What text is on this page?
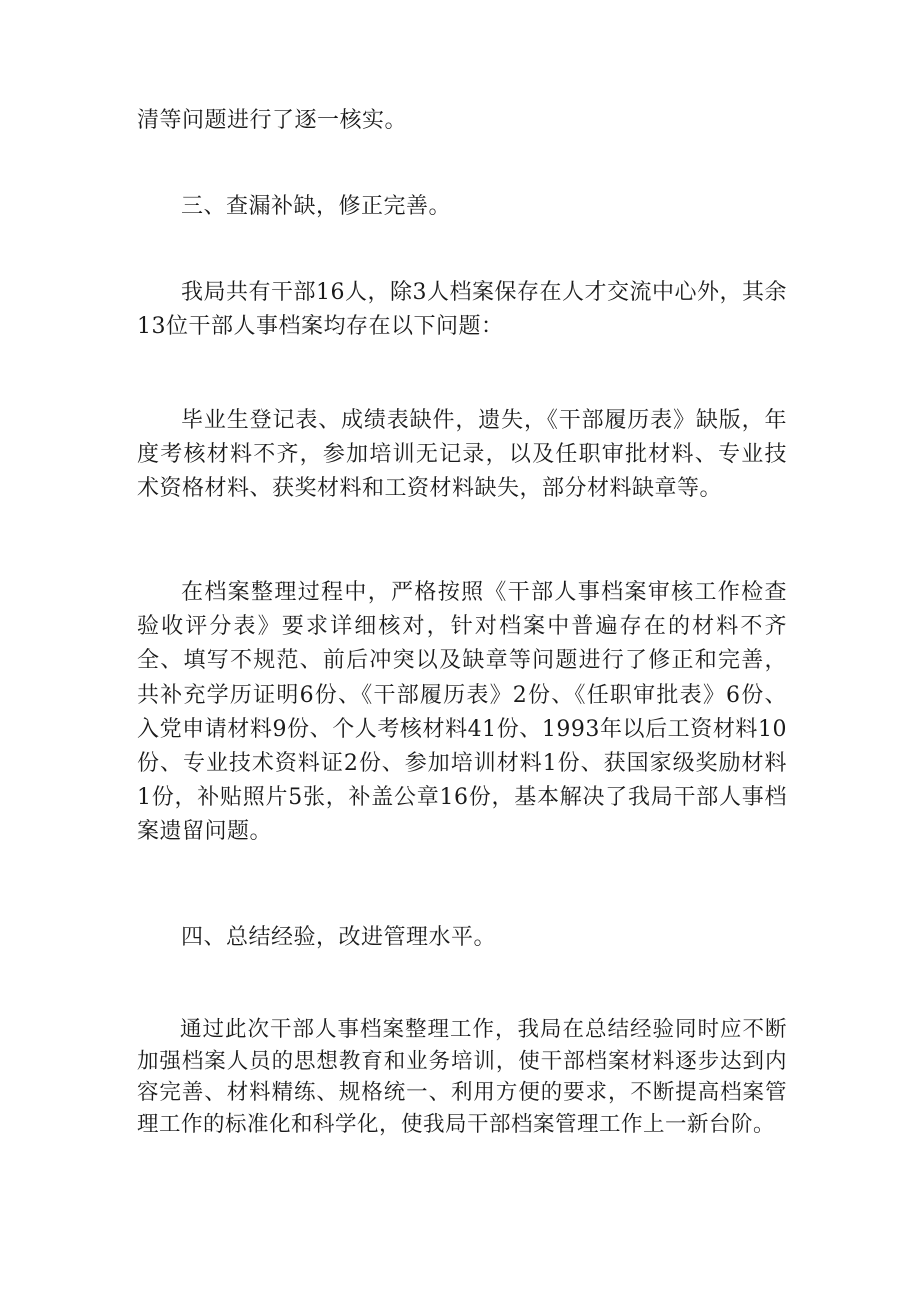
清等问题进行了逐一核实。

三、查漏补缺，修正完善。

我局共有干部16人，除3人档案保存在人才交流中心外，其余13位干部人事档案均存在以下问题：

毕业生登记表、成绩表缺件，遗失，《干部履历表》缺版，年度考核材料不齐，参加培训无记录，以及任职审批材料、专业技术资格材料、获奖材料和工资材料缺失，部分材料缺章等。

在档案整理过程中，严格按照《干部人事档案审核工作检查验收评分表》要求详细核对，针对档案中普遍存在的材料不齐全、填写不规范、前后冲突以及缺章等问题进行了修正和完善，共补充学历证明6份、《干部履历表》2份、《任职审批表》6份、入党申请材料9份、个人考核材料41份、1993年以后工资材料10份、专业技术资料证2份、参加培训材料1份、获国家级奖励材料1份，补贴照片5张，补盖公章16份，基本解决了我局干部人事档案遗留问题。

四、总结经验，改进管理水平。

通过此次干部人事档案整理工作，我局在总结经验同时应不断加强档案人员的思想教育和业务培训，使干部档案材料逐步达到内容完善、材料精练、规格统一、利用方便的要求，不断提高档案管理工作的标准化和科学化，使我局干部档案管理工作上一新台阶。
